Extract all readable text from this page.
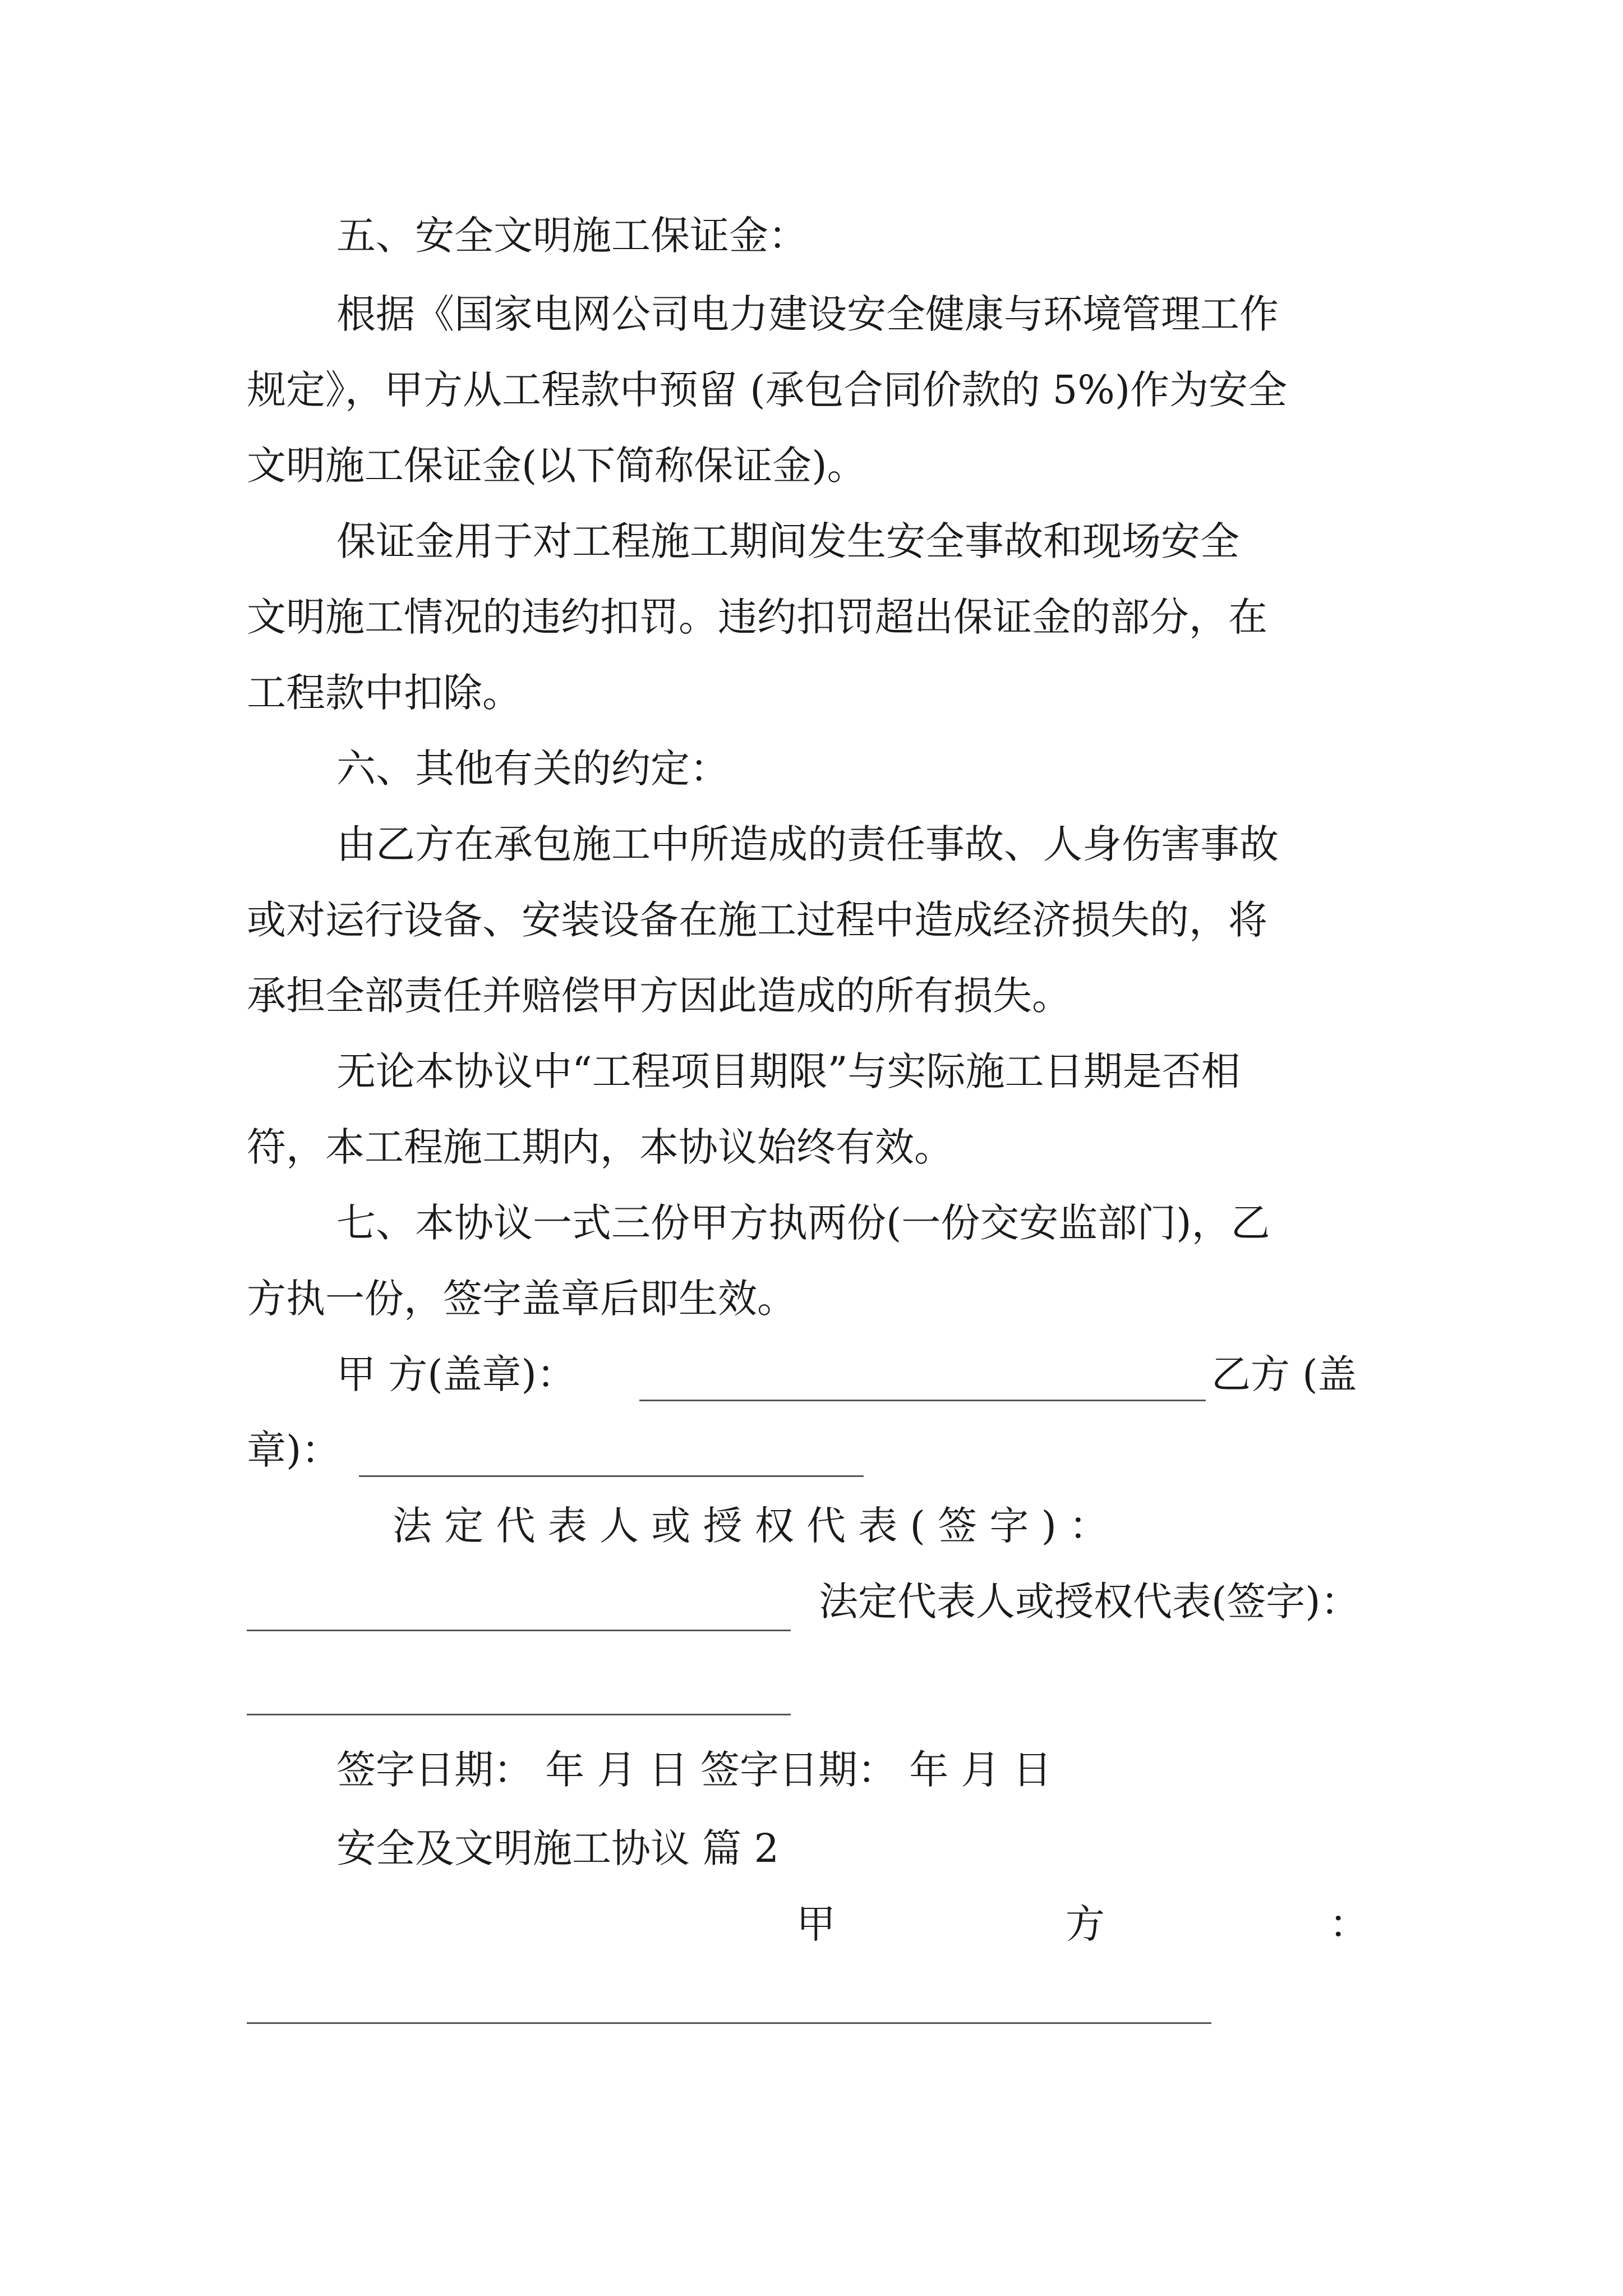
五、安全文明施工保证金：
根据《国家电网公司电力建设安全健康与环境管理工作
规定》，甲方从工程款中预留 (承包合同价款的 5%)作为安全
文明施工保证金(以下简称保证金)。
保证金用于对工程施工期间发生安全事故和现场安全
文明施工情况的违约扣罚。违约扣罚超出保证金的部分，在
工程款中扣除。
六、其他有关的约定：
由乙方在承包施工中所造成的责任事故、人身伤害事故
或对运行设备、安装设备在施工过程中造成经济损失的，将
承担全部责任并赔偿甲方因此造成的所有损失。
无论本协议中“工程项目期限”与实际施工日期是否相
符，本工程施工期内，本协议始终有效。
七、本协议一式三份甲方执两份(一份交安监部门)，乙
方执一份，签字盖章后即生效。
甲 方(盖章)：	乙方 (盖
章)：
法 定 代 表 人 或 授 权 代 表 ( 签 字 ) ：
法定代表人或授权代表(签字)：
签字日期： 年 月 日 签字日期： 年 月 日
安全及文明施工协议 篇 2
甲	方	：
